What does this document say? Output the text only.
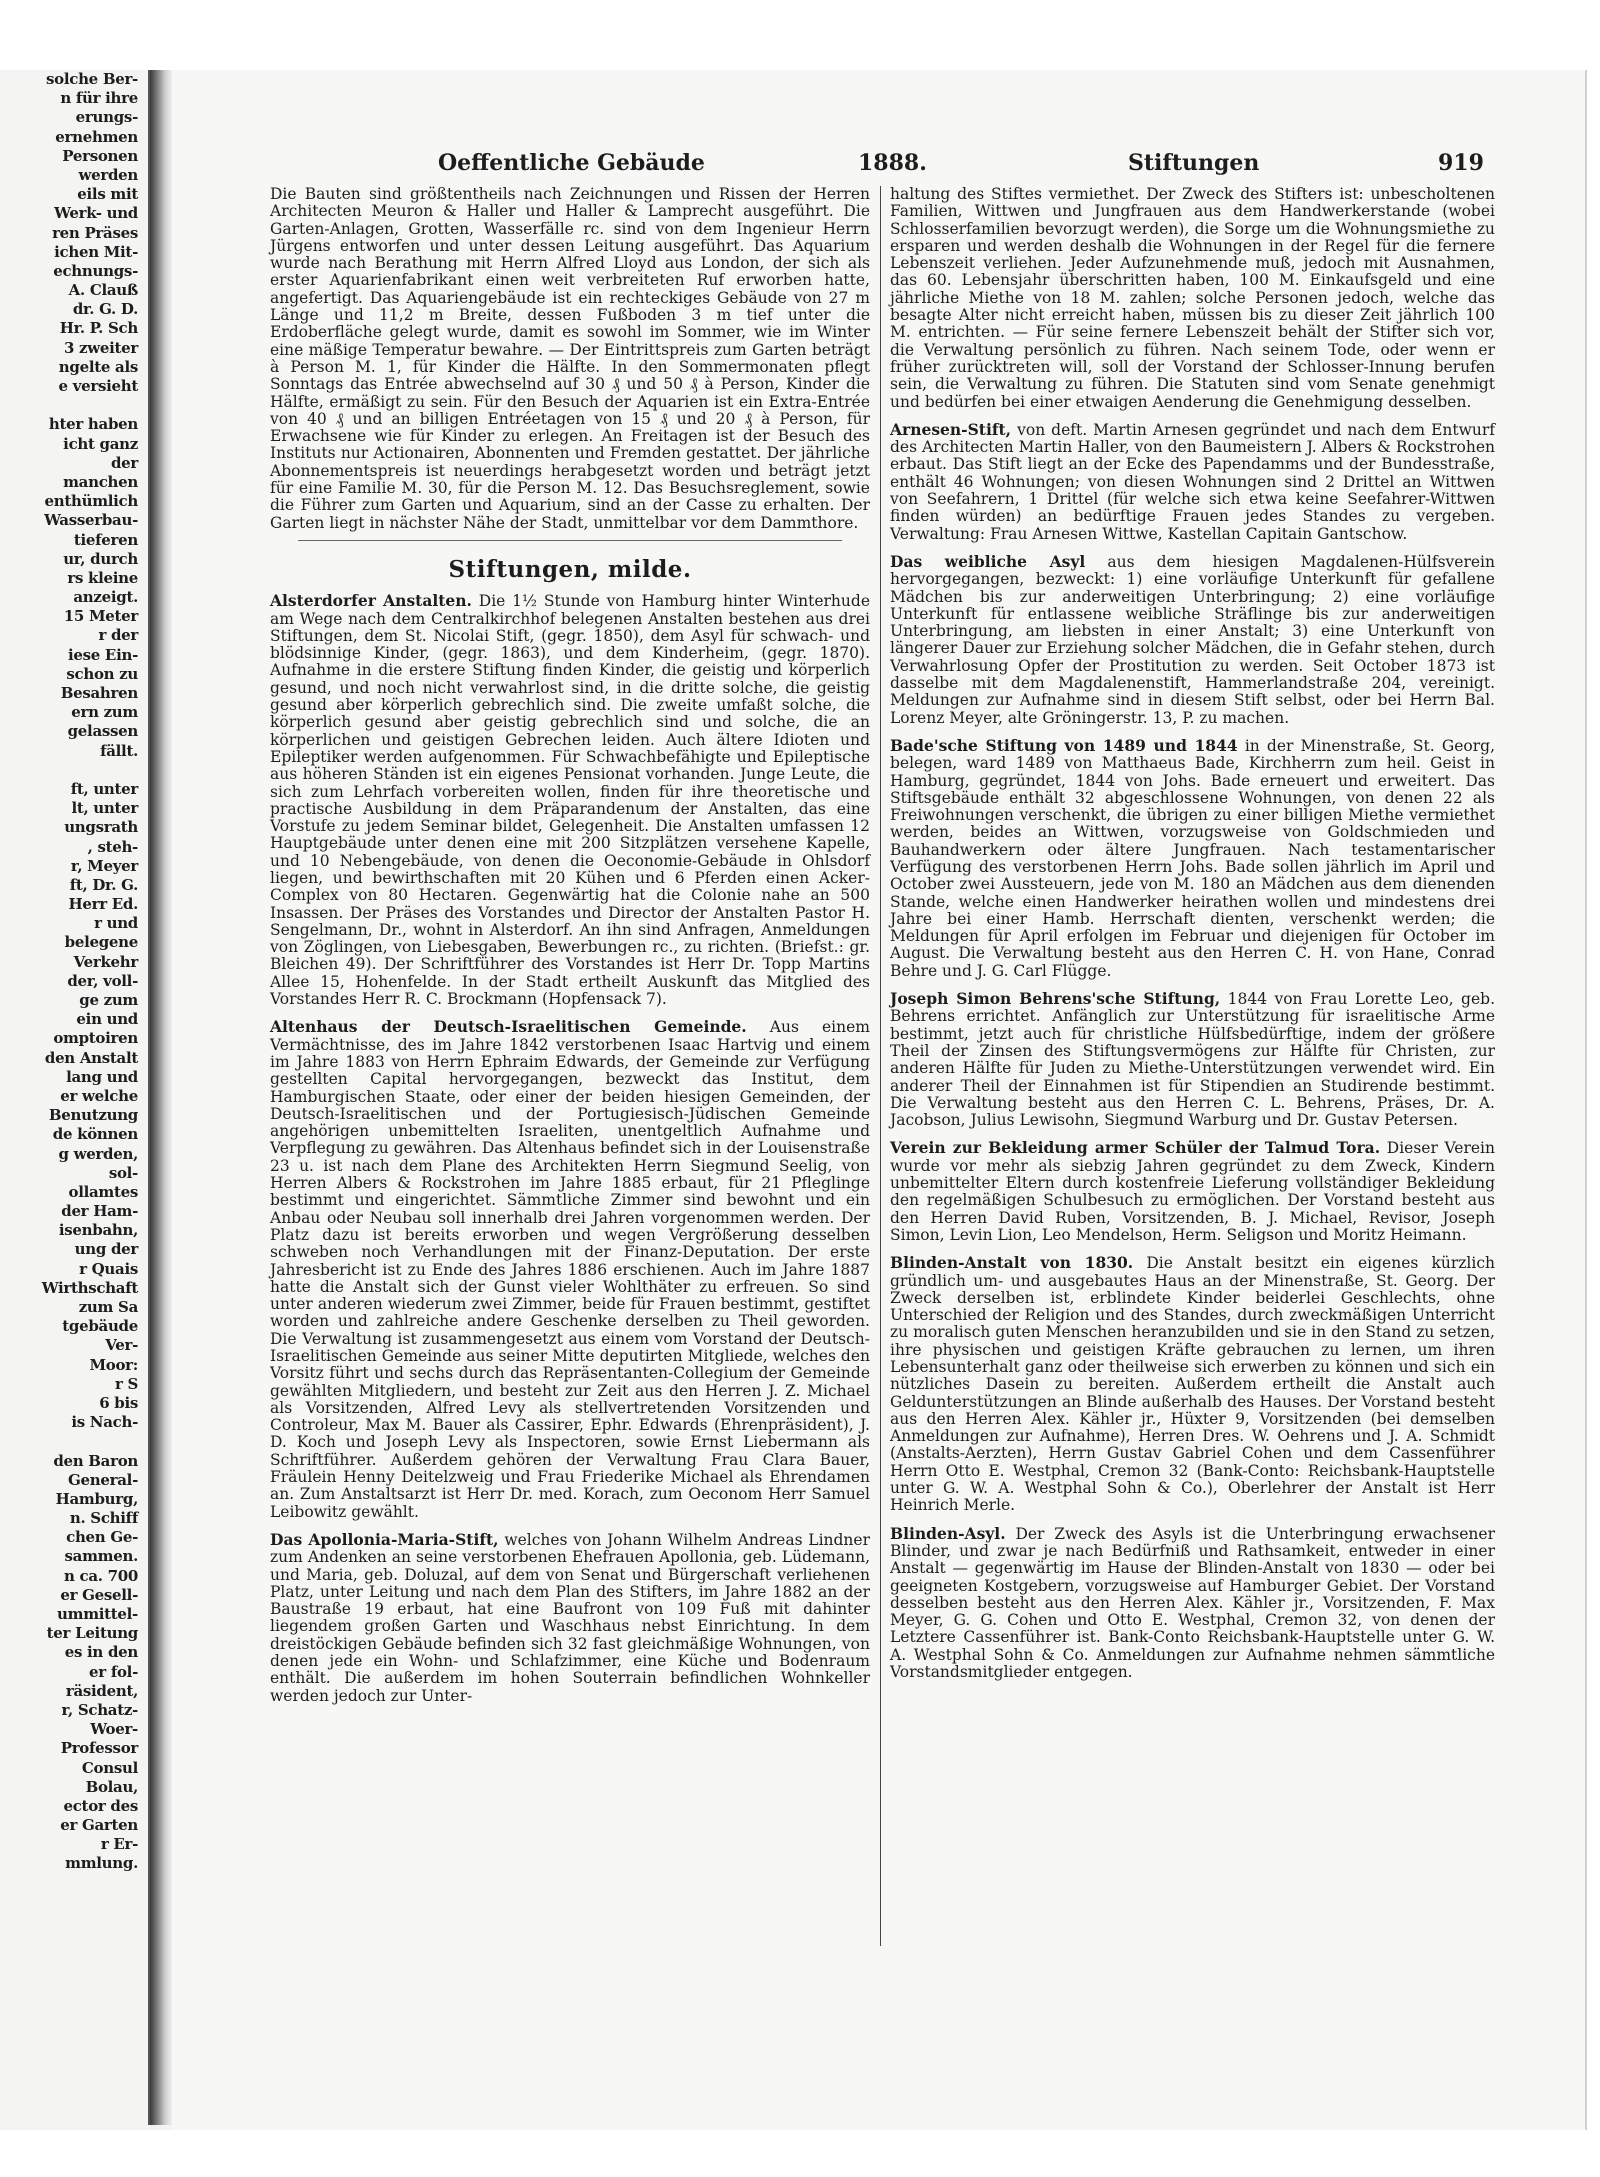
solche Ber-
n für ihre
erungs-
ernehmen
Personen
werden
eils mit
Werk- und
ren Präses
ichen Mit-
echnungs-
A. Clauß
dr. G. D.
Hr. P. Sch
3 zweiter
ngelte als
e versieht
hter haben
icht ganz
der
manchen
enthümlich
Wasserbau-
tieferen
ur, durch
rs kleine
anzeigt.
15 Meter
r der
iese Ein-
schon zu
Besahren
ern zum
gelassen
fällt.
ft, unter
lt, unter
ungsrath
, steh-
r, Meyer
ft, Dr. G.
Herr Ed.
r und
belegene
Verkehr
der, voll-
ge zum
ein und
omptoiren
den Anstalt
lang und
er welche
Benutzung
de können
g werden,
sol-
ollamtes
der Ham-
isenbahn,
ung der
r Quais
Wirthschaft
zum Sa
tgebäude
Ver-
Moor:
r S
6 bis
is Nach-
den Baron
General-
Hamburg,
n. Schiff
chen Ge-
sammen.
n ca. 700
er Gesell-
ummittel-
ter Leitung
es in den
er fol-
räsident,
r, Schatz-
Woer-
Professor
Consul
Bolau,
ector des
er Garten
r Er-
mmlung.
Oeffentliche Gebäude	1888.	Stiftungen	919

Die Bauten sind größtentheils nach Zeichnungen und Rissen der Herren Architecten Meuron & Haller und Haller & Lamprecht ausgeführt. Die Garten-Anlagen, Grotten, Wasserfälle rc. sind von dem Ingenieur Herrn Jürgens entworfen und unter dessen Leitung ausgeführt. Das Aquarium wurde nach Berathung mit Herrn Alfred Lloyd aus London, der sich als erster Aquarienfabrikant einen weit verbreiteten Ruf erworben hatte, angefertigt. Das Aquariengebäude ist ein rechteckiges Gebäude von 27 m Länge und 11,2 m Breite, dessen Fußboden 3 m tief unter die Erdoberfläche gelegt wurde, damit es sowohl im Sommer, wie im Winter eine mäßige Temperatur bewahre. — Der Eintrittspreis zum Garten beträgt à Person M. 1, für Kinder die Hälfte. In den Sommermonaten pflegt Sonntags das Entrée abwechselnd auf 30 ₰ und 50 ₰ à Person, Kinder die Hälfte, ermäßigt zu sein. Für den Besuch der Aquarien ist ein Extra-Entrée von 40 ₰ und an billigen Entréetagen von 15 ₰ und 20 ₰ à Person, für Erwachsene wie für Kinder zu erlegen. An Freitagen ist der Besuch des Instituts nur Actionairen, Abonnenten und Fremden gestattet. Der jährliche Abonnementspreis ist neuerdings herabgesetzt worden und beträgt jetzt für eine Familie M. 30, für die Person M. 12. Das Besuchsreglement, sowie die Führer zum Garten und Aquarium, sind an der Casse zu erhalten. Der Garten liegt in nächster Nähe der Stadt, unmittelbar vor dem Dammthore.

Stiftungen, milde.

Alsterdorfer Anstalten. Die 1½ Stunde von Hamburg hinter Winterhude am Wege nach dem Centralkirchhof belegenen Anstalten bestehen aus drei Stiftungen, dem St. Nicolai Stift, (gegr. 1850), dem Asyl für schwach- und blödsinnige Kinder, (gegr. 1863), und dem Kinderheim, (gegr. 1870). Aufnahme in die erstere Stiftung finden Kinder, die geistig und körperlich gesund, und noch nicht verwahrlost sind, in die dritte solche, die geistig gesund aber körperlich gebrechlich sind. Die zweite umfaßt solche, die körperlich gesund aber geistig gebrechlich sind und solche, die an körperlichen und geistigen Gebrechen leiden. Auch ältere Idioten und Epileptiker werden aufgenommen. Für Schwachbefähigte und Epileptische aus höheren Ständen ist ein eigenes Pensionat vorhanden. Junge Leute, die sich zum Lehrfach vorbereiten wollen, finden für ihre theoretische und practische Ausbildung in dem Präparandenum der Anstalten, das eine Vorstufe zu jedem Seminar bildet, Gelegenheit. Die Anstalten umfassen 12 Hauptgebäude unter denen eine mit 200 Sitzplätzen versehene Kapelle, und 10 Nebengebäude, von denen die Oeconomie-Gebäude in Ohlsdorf liegen, und bewirthschaften mit 20 Kühen und 6 Pferden einen Acker-Complex von 80 Hectaren. Gegenwärtig hat die Colonie nahe an 500 Insassen. Der Präses des Vorstandes und Director der Anstalten Pastor H. Sengelmann, Dr., wohnt in Alsterdorf. An ihn sind Anfragen, Anmeldungen von Zöglingen, von Liebesgaben, Bewerbungen rc., zu richten. (Briefst.: gr. Bleichen 49). Der Schriftführer des Vorstandes ist Herr Dr. Topp Martins Allee 15, Hohenfelde. In der Stadt ertheilt Auskunft das Mitglied des Vorstandes Herr R. C. Brockmann (Hopfensack 7).

Altenhaus der Deutsch-Israelitischen Gemeinde. Aus einem Vermächtnisse, des im Jahre 1842 verstorbenen Isaac Hartvig und einem im Jahre 1883 von Herrn Ephraim Edwards, der Gemeinde zur Verfügung gestellten Capital hervorgegangen, bezweckt das Institut, dem Hamburgischen Staate, oder einer der beiden hiesigen Gemeinden, der Deutsch-Israelitischen und der Portugiesisch-Jüdischen Gemeinde angehörigen unbemittelten Israeliten, unentgeltlich Aufnahme und Verpflegung zu gewähren. Das Altenhaus befindet sich in der Louisenstraße 23 u. ist nach dem Plane des Architekten Herrn Siegmund Seelig, von Herren Albers & Rockstrohen im Jahre 1885 erbaut, für 21 Pfleglinge bestimmt und eingerichtet. Sämmtliche Zimmer sind bewohnt und ein Anbau oder Neubau soll innerhalb drei Jahren vorgenommen werden. Der Platz dazu ist bereits erworben und wegen Vergrößerung desselben schweben noch Verhandlungen mit der Finanz-Deputation. Der erste Jahresbericht ist zu Ende des Jahres 1886 erschienen. Auch im Jahre 1887 hatte die Anstalt sich der Gunst vieler Wohlthäter zu erfreuen. So sind unter anderen wiederum zwei Zimmer, beide für Frauen bestimmt, gestiftet worden und zahlreiche andere Geschenke derselben zu Theil geworden. Die Verwaltung ist zusammengesetzt aus einem vom Vorstand der Deutsch-Israelitischen Gemeinde aus seiner Mitte deputirten Mitgliede, welches den Vorsitz führt und sechs durch das Repräsentanten-Collegium der Gemeinde gewählten Mitgliedern, und besteht zur Zeit aus den Herren J. Z. Michael als Vorsitzenden, Alfred Levy als stellvertretenden Vorsitzenden und Controleur, Max M. Bauer als Cassirer, Ephr. Edwards (Ehrenpräsident), J. D. Koch und Joseph Levy als Inspectoren, sowie Ernst Liebermann als Schriftführer. Außerdem gehören der Verwaltung Frau Clara Bauer, Fräulein Henny Deitelzweig und Frau Friederike Michael als Ehrendamen an. Zum Anstaltsarzt ist Herr Dr. med. Korach, zum Oeconom Herr Samuel Leibowitz gewählt.

Das Apollonia-Maria-Stift, welches von Johann Wilhelm Andreas Lindner zum Andenken an seine verstorbenen Ehefrauen Apollonia, geb. Lüdemann, und Maria, geb. Doluzal, auf dem von Senat und Bürgerschaft verliehenen Platz, unter Leitung und nach dem Plan des Stifters, im Jahre 1882 an der Baustraße 19 erbaut, hat eine Baufront von 109 Fuß mit dahinter liegendem großen Garten und Waschhaus nebst Einrichtung. In dem dreistöckigen Gebäude befinden sich 32 fast gleichmäßige Wohnungen, von denen jede ein Wohn- und Schlafzimmer, eine Küche und Bodenraum enthält. Die außerdem im hohen Souterrain befindlichen Wohnkeller werden jedoch zur Unter-

haltung des Stiftes vermiethet. Der Zweck des Stifters ist: unbescholtenen Familien, Wittwen und Jungfrauen aus dem Handwerkerstande (wobei Schlosserfamilien bevorzugt werden), die Sorge um die Wohnungsmiethe zu ersparen und werden deshalb die Wohnungen in der Regel für die fernere Lebenszeit verliehen. Jeder Aufzunehmende muß, jedoch mit Ausnahmen, das 60. Lebensjahr überschritten haben, 100 M. Einkaufsgeld und eine jährliche Miethe von 18 M. zahlen; solche Personen jedoch, welche das besagte Alter nicht erreicht haben, müssen bis zu dieser Zeit jährlich 100 M. entrichten. — Für seine fernere Lebenszeit behält der Stifter sich vor, die Verwaltung persönlich zu führen. Nach seinem Tode, oder wenn er früher zurücktreten will, soll der Vorstand der Schlosser-Innung berufen sein, die Verwaltung zu führen. Die Statuten sind vom Senate genehmigt und bedürfen bei einer etwaigen Aenderung die Genehmigung desselben.

Arnesen-Stift, von deft. Martin Arnesen gegründet und nach dem Entwurf des Architecten Martin Haller, von den Baumeistern J. Albers & Rockstrohen erbaut. Das Stift liegt an der Ecke des Papendamms und der Bundesstraße, enthält 46 Wohnungen; von diesen Wohnungen sind 2 Drittel an Wittwen von Seefahrern, 1 Drittel (für welche sich etwa keine Seefahrer-Wittwen finden würden) an bedürftige Frauen jedes Standes zu vergeben. Verwaltung: Frau Arnesen Wittwe, Kastellan Capitain Gantschow.

Das weibliche Asyl aus dem hiesigen Magdalenen-Hülfsverein hervorgegangen, bezweckt: 1) eine vorläufige Unterkunft für gefallene Mädchen bis zur anderweitigen Unterbringung; 2) eine vorläufige Unterkunft für entlassene weibliche Sträflinge bis zur anderweitigen Unterbringung, am liebsten in einer Anstalt; 3) eine Unterkunft von längerer Dauer zur Erziehung solcher Mädchen, die in Gefahr stehen, durch Verwahrlosung Opfer der Prostitution zu werden. Seit October 1873 ist dasselbe mit dem Magdalenenstift, Hammerlandstraße 204, vereinigt. Meldungen zur Aufnahme sind in diesem Stift selbst, oder bei Herrn Bal. Lorenz Meyer, alte Gröningerstr. 13, P. zu machen.

Bade'sche Stiftung von 1489 und 1844 in der Minenstraße, St. Georg, belegen, ward 1489 von Matthaeus Bade, Kirchherrn zum heil. Geist in Hamburg, gegründet, 1844 von Johs. Bade erneuert und erweitert. Das Stiftsgebäude enthält 32 abgeschlossene Wohnungen, von denen 22 als Freiwohnungen verschenkt, die übrigen zu einer billigen Miethe vermiethet werden, beides an Wittwen, vorzugsweise von Goldschmieden und Bauhandwerkern oder ältere Jungfrauen. Nach testamentarischer Verfügung des verstorbenen Herrn Johs. Bade sollen jährlich im April und October zwei Aussteuern, jede von M. 180 an Mädchen aus dem dienenden Stande, welche einen Handwerker heirathen wollen und mindestens drei Jahre bei einer Hamb. Herrschaft dienten, verschenkt werden; die Meldungen für April erfolgen im Februar und diejenigen für October im August. Die Verwaltung besteht aus den Herren C. H. von Hane, Conrad Behre und J. G. Carl Flügge.

Joseph Simon Behrens'sche Stiftung, 1844 von Frau Lorette Leo, geb. Behrens errichtet. Anfänglich zur Unterstützung für israelitische Arme bestimmt, jetzt auch für christliche Hülfsbedürftige, indem der größere Theil der Zinsen des Stiftungsvermögens zur Hälfte für Christen, zur anderen Hälfte für Juden zu Miethe-Unterstützungen verwendet wird. Ein anderer Theil der Einnahmen ist für Stipendien an Studirende bestimmt. Die Verwaltung besteht aus den Herren C. L. Behrens, Präses, Dr. A. Jacobson, Julius Lewisohn, Siegmund Warburg und Dr. Gustav Petersen.

Verein zur Bekleidung armer Schüler der Talmud Tora. Dieser Verein wurde vor mehr als siebzig Jahren gegründet zu dem Zweck, Kindern unbemittelter Eltern durch kostenfreie Lieferung vollständiger Bekleidung den regelmäßigen Schulbesuch zu ermöglichen. Der Vorstand besteht aus den Herren David Ruben, Vorsitzenden, B. J. Michael, Revisor, Joseph Simon, Levin Lion, Leo Mendelson, Herm. Seligson und Moritz Heimann.

Blinden-Anstalt von 1830. Die Anstalt besitzt ein eigenes kürzlich gründlich um- und ausgebautes Haus an der Minenstraße, St. Georg. Der Zweck derselben ist, erblindete Kinder beiderlei Geschlechts, ohne Unterschied der Religion und des Standes, durch zweckmäßigen Unterricht zu moralisch guten Menschen heranzubilden und sie in den Stand zu setzen, ihre physischen und geistigen Kräfte gebrauchen zu lernen, um ihren Lebensunterhalt ganz oder theilweise sich erwerben zu können und sich ein nützliches Dasein zu bereiten. Außerdem ertheilt die Anstalt auch Geldunterstützungen an Blinde außerhalb des Hauses. Der Vorstand besteht aus den Herren Alex. Kähler jr., Hüxter 9, Vorsitzenden (bei demselben Anmeldungen zur Aufnahme), Herren Dres. W. Oehrens und J. A. Schmidt (Anstalts-Aerzten), Herrn Gustav Gabriel Cohen und dem Cassenführer Herrn Otto E. Westphal, Cremon 32 (Bank-Conto: Reichsbank-Hauptstelle unter G. W. A. Westphal Sohn & Co.), Oberlehrer der Anstalt ist Herr Heinrich Merle.

Blinden-Asyl. Der Zweck des Asyls ist die Unterbringung erwachsener Blinder, und zwar je nach Bedürfniß und Rathsamkeit, entweder in einer Anstalt — gegenwärtig im Hause der Blinden-Anstalt von 1830 — oder bei geeigneten Kostgebern, vorzugsweise auf Hamburger Gebiet. Der Vorstand desselben besteht aus den Herren Alex. Kähler jr., Vorsitzenden, F. Max Meyer, G. G. Cohen und Otto E. Westphal, Cremon 32, von denen der Letztere Cassenführer ist. Bank-Conto Reichsbank-Hauptstelle unter G. W. A. Westphal Sohn & Co. Anmeldungen zur Aufnahme nehmen sämmtliche Vorstandsmitglieder entgegen.
